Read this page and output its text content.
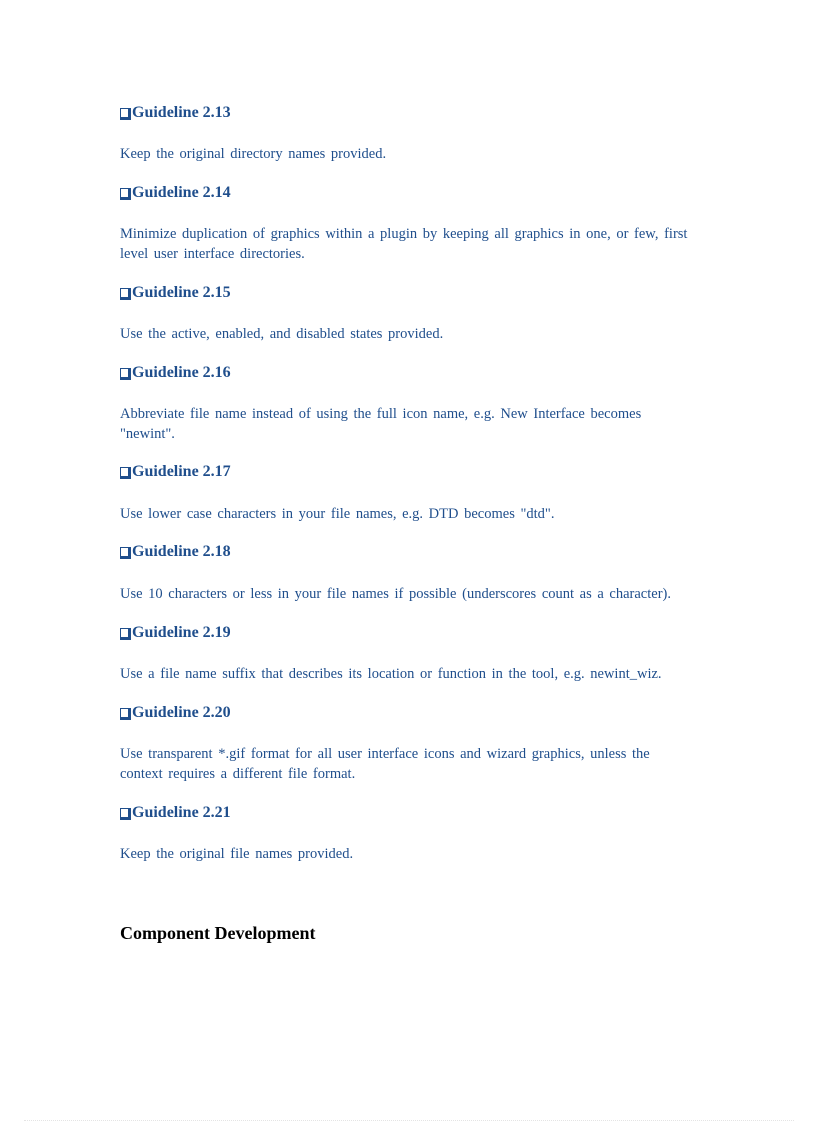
Guideline 2.13
Keep the original directory names provided.
Guideline 2.14
Minimize duplication of graphics within a plugin by keeping all graphics in one, or few, first level user interface directories.
Guideline 2.15
Use the active, enabled, and disabled states provided.
Guideline 2.16
Abbreviate file name instead of using the full icon name, e.g. New Interface becomes "newint".
Guideline 2.17
Use lower case characters in your file names, e.g. DTD becomes "dtd".
Guideline 2.18
Use 10 characters or less in your file names if possible (underscores count as a character).
Guideline 2.19
Use a file name suffix that describes its location or function in the tool, e.g. newint_wiz.
Guideline 2.20
Use transparent *.gif format for all user interface icons and wizard graphics, unless the context requires a different file format.
Guideline 2.21
Keep the original file names provided.
Component Development
